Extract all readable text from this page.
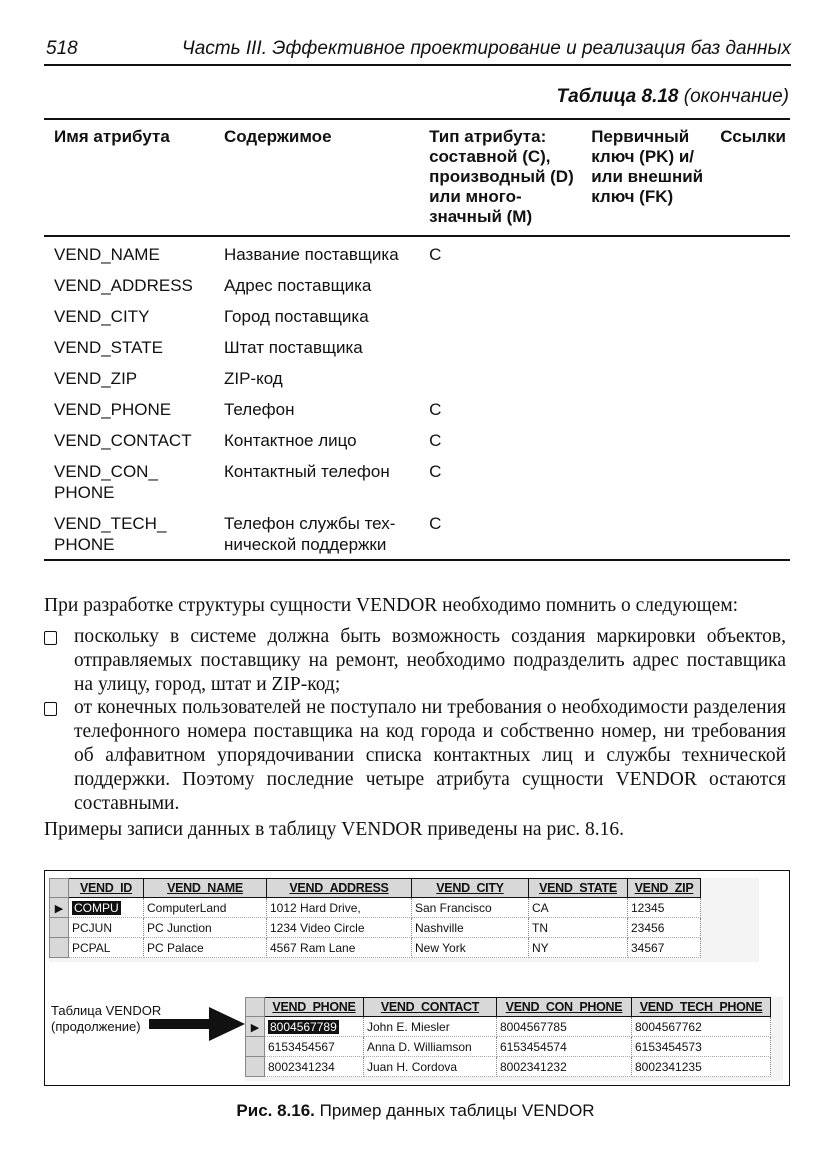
518	Часть III. Эффективное проектирование и реализация баз данных
Таблица 8.18 (окончание)
Имя атрибута	Содержимое	Тип атрибута: составной (C), производный (D) или много-значный (M)	Первичный ключ (PK) и/или внешний ключ (FK)	Ссылки
VEND_NAME	Название поставщика	C		
VEND_ADDRESS	Адрес поставщика			
VEND_CITY	Город поставщика			
VEND_STATE	Штат поставщика			
VEND_ZIP	ZIP-код			
VEND_PHONE	Телефон	C		
VEND_CONTACT	Контактное лицо	C		
VEND_CON_ PHONE	Контактный телефон	C		
VEND_TECH_ PHONE	Телефон службы тех-нической поддержки	C		
При разработке структуры сущности VENDOR необходимо помнить о следующем:
поскольку в системе должна быть возможность создания маркировки объектов, отправляемых поставщику на ремонт, необходимо подразделить адрес поставщика на улицу, город, штат и ZIP-код;
от конечных пользователей не поступало ни требования о необходимости разделения телефонного номера поставщика на код города и собственно номер, ни требования об алфавитном упорядочивании списка контактных лиц и службы технической поддержки. Поэтому последние четыре атрибута сущности VENDOR остаются составными.
Примеры записи данных в таблицу VENDOR приведены на рис. 8.16.
	VEND_ID	VEND_NAME	VEND_ADDRESS	VEND_CITY	VEND_STATE	VEND_ZIP
▶	COMPU	ComputerLand	1012 Hard Drive,	San Francisco	CA	12345
	PCJUN	PC Junction	1234 Video Circle	Nashville	TN	23456
	PCPAL	PC Palace	4567 Ram Lane	New York	NY	34567
Таблица VENDOR
(продолжение)
	VEND_PHONE	VEND_CONTACT	VEND_CON_PHONE	VEND_TECH_PHONE
▶	8004567789	John E. Miesler	8004567785	8004567762
	6153454567	Anna D. Williamson	6153454574	6153454573
	8002341234	Juan H. Cordova	8002341232	8002341235
Рис. 8.16. Пример данных таблицы VENDOR
